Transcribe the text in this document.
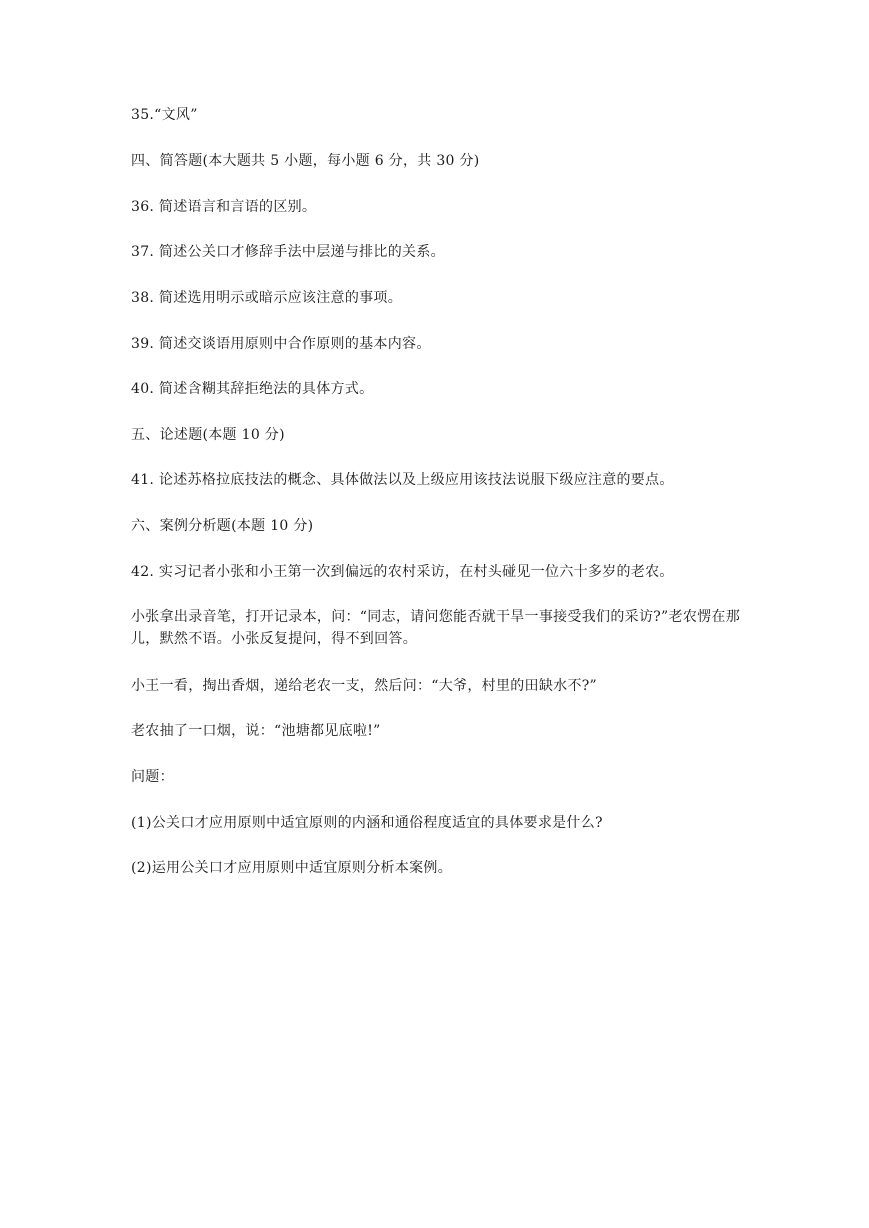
35.“文风”
四、简答题(本大题共 5 小题，每小题 6 分，共 30 分)
36. 简述语言和言语的区别。
37. 简述公关口才修辞手法中层递与排比的关系。
38. 简述选用明示或暗示应该注意的事项。
39. 简述交谈语用原则中合作原则的基本内容。
40. 简述含糊其辞拒绝法的具体方式。
五、论述题(本题 10 分)
41. 论述苏格拉底技法的概念、具体做法以及上级应用该技法说服下级应注意的要点。
六、案例分析题(本题 10 分)
42. 实习记者小张和小王第一次到偏远的农村采访，在村头碰见一位六十多岁的老农。
小张拿出录音笔，打开记录本，问：“同志，请问您能否就干旱一事接受我们的采访?”老农愣在那儿，默然不语。小张反复提问，得不到回答。
小王一看，掏出香烟，递给老农一支，然后问：“大爷，村里的田缺水不?”
老农抽了一口烟，说：“池塘都见底啦!”
问题：
(1)公关口才应用原则中适宜原则的内涵和通俗程度适宜的具体要求是什么?
(2)运用公关口才应用原则中适宜原则分析本案例。
